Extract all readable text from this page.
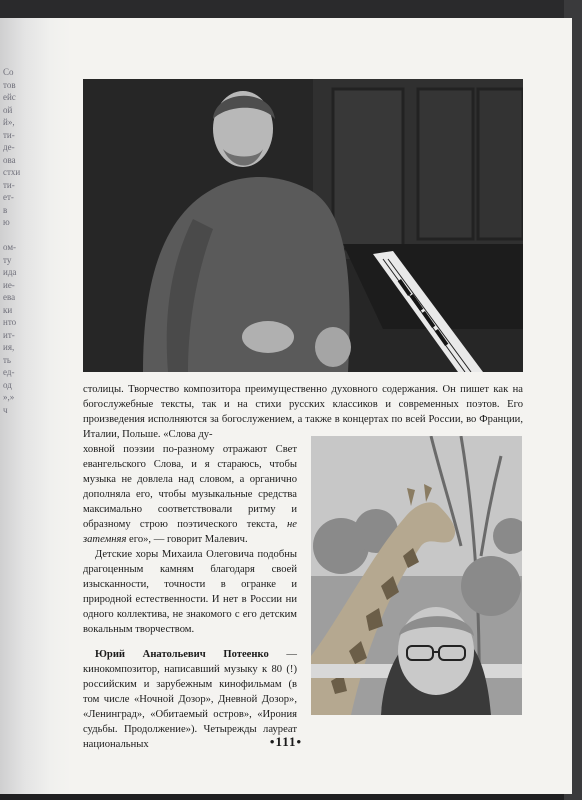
Со
тов
ейс
ой
й»,
ти-
де-
ова
стхи
ти-
ет-
в
ю

ом-
ту
ида
ие-
ева
ки
нто
ит-
ия,
ть
ед-
од
»,»
ч

столицы. Творчество композитора преимущественно духовного содержания. Он пишет как на богослужебные тексты, так и на стихи русских классиков и современных поэтов. Его произведения исполняются за богослужением, а также в концертах по всей России, во Франции, Италии, Польше. «Слова ду-

ховной поэзии по-разному отражают Свет евангельского Слова, и я стараюсь, чтобы музыка не довлела над словом, а органично дополняла его, чтобы музыкальные средства максимально соответствовали ритму и образному строю поэтического текста, не затемняя его», — говорит Малевич.

Детские хоры Михаила Олеговича подобны драгоценным камням благодаря своей изысканности, точности в огранке и природной естественности. И нет в России ни одного коллектива, не знакомого с его детским вокальным творчеством.

Юрий Анатольевич Потеенко — кинокомпозитор, написавший музыку к 80 (!) российским и зарубежным кинофильмам (в том числе «Ночной Дозор», Дневной Дозор», «Ленинград», «Обитаемый остров», «Ирония судьбы. Продолжение»). Четырежды лауреат национальных	•111•
